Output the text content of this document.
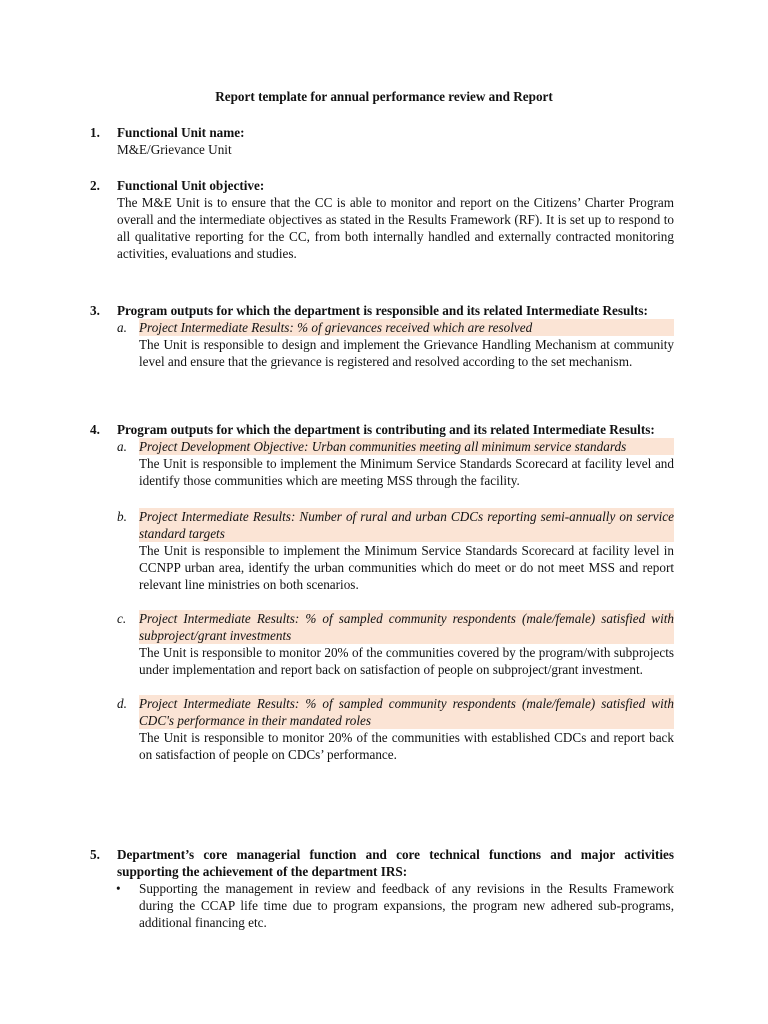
Report template for annual performance review and Report
1. Functional Unit name:
M&E/Grievance Unit
2. Functional Unit objective:
The M&E Unit is to ensure that the CC is able to monitor and report on the Citizens’ Charter Program overall and the intermediate objectives as stated in the Results Framework (RF). It is set up to respond to all qualitative reporting for the CC, from both internally handled and externally contracted monitoring activities, evaluations and studies.
3. Program outputs for which the department is responsible and its related Intermediate Results:
a. Project Intermediate Results: % of grievances received which are resolved
The Unit is responsible to design and implement the Grievance Handling Mechanism at community level and ensure that the grievance is registered and resolved according to the set mechanism.
4. Program outputs for which the department is contributing and its related Intermediate Results:
a. Project Development Objective: Urban communities meeting all minimum service standards
The Unit is responsible to implement the Minimum Service Standards Scorecard at facility level and identify those communities which are meeting MSS through the facility.
b. Project Intermediate Results: Number of rural and urban CDCs reporting semi-annually on service standard targets
The Unit is responsible to implement the Minimum Service Standards Scorecard at facility level in CCNPP urban area, identify the urban communities which do meet or do not meet MSS and report relevant line ministries on both scenarios.
c. Project Intermediate Results: % of sampled community respondents (male/female) satisfied with subproject/grant investments
The Unit is responsible to monitor 20% of the communities covered by the program/with subprojects under implementation and report back on satisfaction of people on subproject/grant investment.
d. Project Intermediate Results: % of sampled community respondents (male/female) satisfied with CDC's performance in their mandated roles
The Unit is responsible to monitor 20% of the communities with established CDCs and report back on satisfaction of people on CDCs’ performance.
5. Department’s core managerial function and core technical functions and major activities supporting the achievement of the department IRS:
• Supporting the management in review and feedback of any revisions in the Results Framework during the CCAP life time due to program expansions, the program new adhered sub-programs, additional financing etc.
